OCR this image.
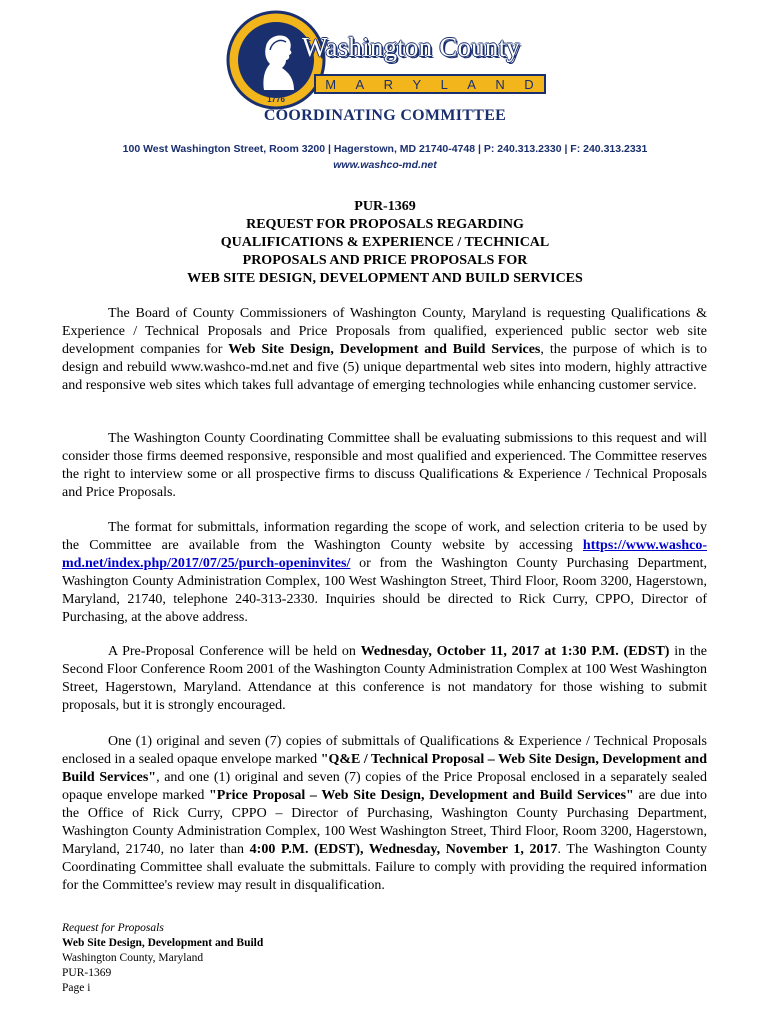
1776
Washington County
M A R Y L A N D
COORDINATING COMMITTEE
100 West Washington Street, Room 3200 | Hagerstown, MD 21740-4748 | P: 240.313.2330 | F: 240.313.2331
www.washco-md.net
PUR-1369
REQUEST FOR PROPOSALS REGARDING
QUALIFICATIONS & EXPERIENCE / TECHNICAL
PROPOSALS AND PRICE PROPOSALS FOR
WEB SITE DESIGN, DEVELOPMENT AND BUILD SERVICES

The Board of County Commissioners of Washington County, Maryland is requesting Qualifications & Experience / Technical Proposals and Price Proposals from qualified, experienced public sector web site development companies for Web Site Design, Development and Build Services, the purpose of which is to design and rebuild www.washco-md.net and five (5) unique departmental web sites into modern, highly attractive and responsive web sites which takes full advantage of emerging technologies while enhancing customer service.

The Washington County Coordinating Committee shall be evaluating submissions to this request and will consider those firms deemed responsive, responsible and most qualified and experienced. The Committee reserves the right to interview some or all prospective firms to discuss Qualifications & Experience / Technical Proposals and Price Proposals.

The format for submittals, information regarding the scope of work, and selection criteria to be used by the Committee are available from the Washington County website by accessing https://www.washco-md.net/index.php/2017/07/25/purch-openinvites/ or from the Washington County Purchasing Department, Washington County Administration Complex, 100 West Washington Street, Third Floor, Room 3200, Hagerstown, Maryland, 21740, telephone 240-313-2330. Inquiries should be directed to Rick Curry, CPPO, Director of Purchasing, at the above address.

A Pre-Proposal Conference will be held on Wednesday, October 11, 2017 at 1:30 P.M. (EDST) in the Second Floor Conference Room 2001 of the Washington County Administration Complex at 100 West Washington Street, Hagerstown, Maryland. Attendance at this conference is not mandatory for those wishing to submit proposals, but it is strongly encouraged.

One (1) original and seven (7) copies of submittals of Qualifications & Experience / Technical Proposals enclosed in a sealed opaque envelope marked "Q&E / Technical Proposal – Web Site Design, Development and Build Services", and one (1) original and seven (7) copies of the Price Proposal enclosed in a separately sealed opaque envelope marked "Price Proposal – Web Site Design, Development and Build Services" are due into the Office of Rick Curry, CPPO – Director of Purchasing, Washington County Purchasing Department, Washington County Administration Complex, 100 West Washington Street, Third Floor, Room 3200, Hagerstown, Maryland, 21740, no later than 4:00 P.M. (EDST), Wednesday, November 1, 2017. The Washington County Coordinating Committee shall evaluate the submittals. Failure to comply with providing the required information for the Committee's review may result in disqualification.

Request for Proposals
Web Site Design, Development and Build
Washington County, Maryland
PUR-1369
Page i
